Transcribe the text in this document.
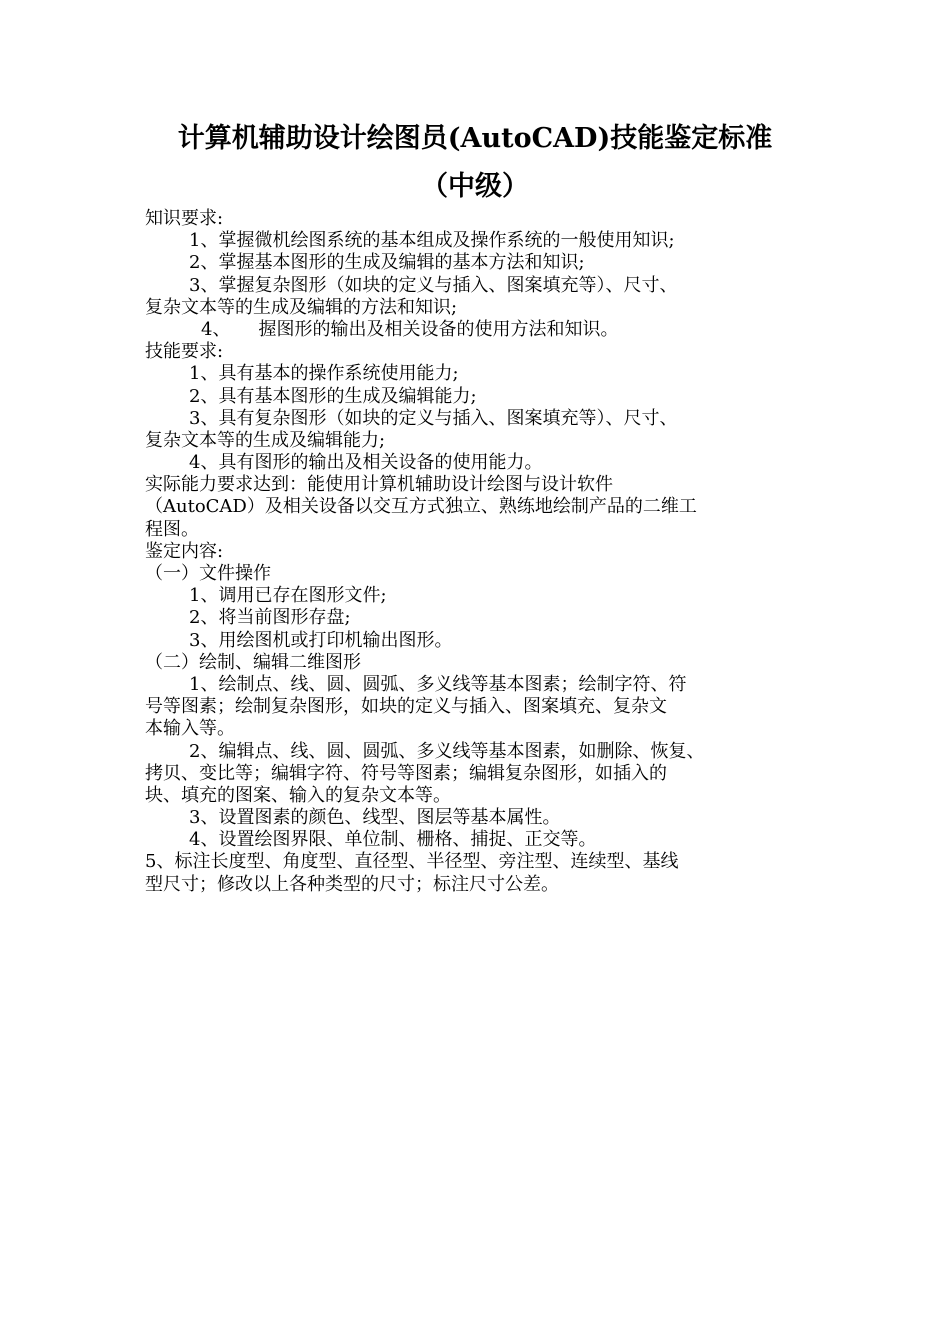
计算机辅助设计绘图员(AutoCAD)技能鉴定标准
（中级）
知识要求:
1、掌握微机绘图系统的基本组成及操作系统的一般使用知识;
2、掌握基本图形的生成及编辑的基本方法和知识;
3、掌握复杂图形（如块的定义与插入、图案填充等）、尺寸、
复杂文本等的生成及编辑的方法和知识;
4、 握图形的输出及相关设备的使用方法和知识。
技能要求:
1、具有基本的操作系统使用能力;
2、具有基本图形的生成及编辑能力;
3、具有复杂图形（如块的定义与插入、图案填充等）、尺寸、
复杂文本等的生成及编辑能力;
4、具有图形的输出及相关设备的使用能力。
实际能力要求达到：能使用计算机辅助设计绘图与设计软件
（AutoCAD）及相关设备以交互方式独立、熟练地绘制产品的二维工
程图。
鉴定内容:
（一）文件操作
1、调用已存在图形文件;
2、将当前图形存盘;
3、用绘图机或打印机输出图形。
（二）绘制、编辑二维图形
1、绘制点、线、圆、圆弧、多义线等基本图素；绘制字符、符
号等图素；绘制复杂图形，如块的定义与插入、图案填充、复杂文
本输入等。
2、编辑点、线、圆、圆弧、多义线等基本图素，如删除、恢复、
拷贝、变比等；编辑字符、符号等图素；编辑复杂图形，如插入的
块、填充的图案、输入的复杂文本等。
3、设置图素的颜色、线型、图层等基本属性。
4、设置绘图界限、单位制、栅格、捕捉、正交等。
5、标注长度型、角度型、直径型、半径型、旁注型、连续型、基线
型尺寸；修改以上各种类型的尺寸；标注尺寸公差。
